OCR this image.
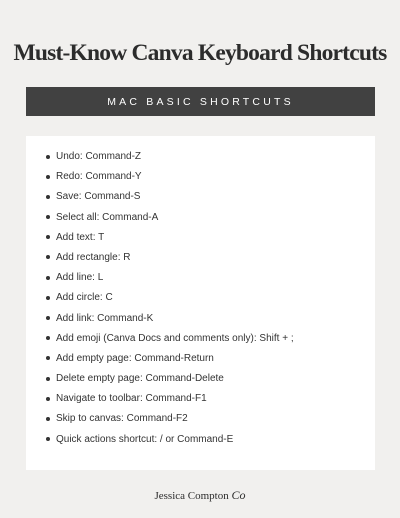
Must-Know Canva Keyboard Shortcuts
MAC BASIC SHORTCUTS
Undo: Command-Z
Redo: Command-Y
Save: Command-S
Select all: Command-A
Add text: T
Add rectangle: R
Add line: L
Add circle: C
Add link: Command-K
Add emoji (Canva Docs and comments only): Shift + ;
Add empty page: Command-Return
Delete empty page: Command-Delete
Navigate to toolbar: Command-F1
Skip to canvas: Command-F2
Quick actions shortcut: / or Command-E
Jessica Compton Co
